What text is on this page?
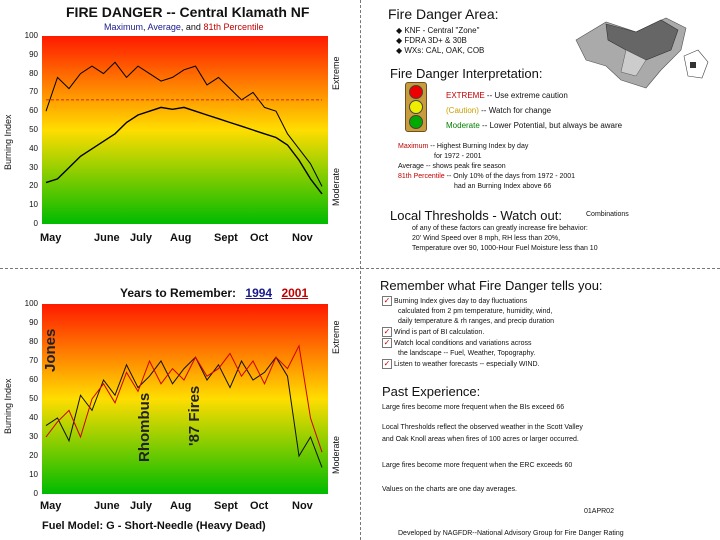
FIRE DANGER -- Central Klamath NF
Maximum, Average, and 81th Percentile
Burning Index
100
90
80
70
60
50
40
30
20
10
0
Extreme
Moderate
May	June July Aug Sept Oct Nov
Fire Danger Area:
◆ KNF - Central "Zone"
◆ FDRA 3D+ & 30B
◆ WXs: CAL, OAK, COB
Fire Danger Interpretation:
EXTREME -- Use extreme caution
(Caution) -- Watch for change
Moderate -- Lower Potential, but always be aware
Maximum -- Highest Burning Index by day
for 1972 - 2001
Average -- shows peak fire season
81th Percentile -- Only 10% of the days from 1972 - 2001
had an Burning Index above 66
Local Thresholds - Watch out:	Combinations
of any of these factors can greatly increase fire behavior:
20' Wind Speed over 8 mph, RH less than 20%,
Temperature over 90, 1000-Hour Fuel Moisture less than 10
Years to Remember: 1994 2001
Burning Index
100
90
80
70
60
50
40
30
20
10
0
Extreme
Moderate
Jones
Rhombus '87 Fires
May	June July Aug Sept Oct Nov
Fuel Model: G - Short-Needle (Heavy Dead)
Remember what Fire Danger tells you:
✓ Burning Index gives day to day fluctuations
calculated from 2 pm temperature, humidity, wind,
daily temperature & rh ranges, and precip duration
✓ Wind is part of BI calculation.
✓ Watch local conditions and variations across
the landscape -- Fuel, Weather, Topography.
✓ Listen to weather forecasts -- especially WIND.
Past Experience:
Large fires become more frequent when the BIs exceed 66
Local Thresholds reflect the observed weather in the Scott Valley
and Oak Knoll areas when fires of 100 acres or larger occurred.
Large fires become more frequent when the ERC exceeds 60
Values on the charts are one day averages.
01APR02
Developed by NAGFDR--National Advisory Group for Fire Danger Rating
